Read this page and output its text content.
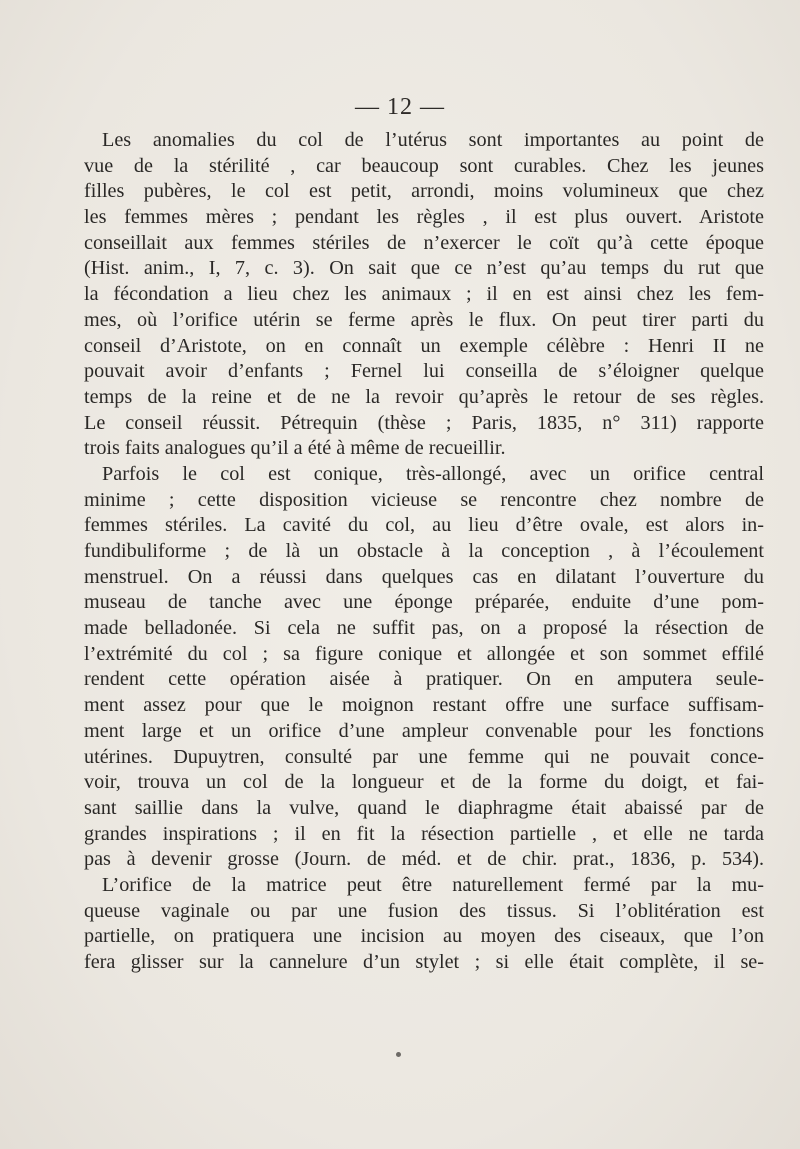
— 12 —
Les anomalies du col de l’utérus sont importantes au point de
vue de la stérilité , car beaucoup sont curables. Chez les jeunes
filles pubères, le col est petit, arrondi, moins volumineux que chez
les femmes mères ; pendant les règles , il est plus ouvert. Aristote
conseillait aux femmes stériles de n’exercer le coït qu’à cette époque
(Hist. anim., I, 7, c. 3). On sait que ce n’est qu’au temps du rut que
la fécondation a lieu chez les animaux ; il en est ainsi chez les fem-
mes, où l’orifice utérin se ferme après le flux. On peut tirer parti du
conseil d’Aristote, on en connaît un exemple célèbre : Henri II ne
pouvait avoir d’enfants ; Fernel lui conseilla de s’éloigner quelque
temps de la reine et de ne la revoir qu’après le retour de ses règles.
Le conseil réussit. Pétrequin (thèse ; Paris, 1835, n° 311) rapporte
trois faits analogues qu’il a été à même de recueillir.
Parfois le col est conique, très-allongé, avec un orifice central
minime ; cette disposition vicieuse se rencontre chez nombre de
femmes stériles. La cavité du col, au lieu d’être ovale, est alors in-
fundibuliforme ; de là un obstacle à la conception , à l’écoulement
menstruel. On a réussi dans quelques cas en dilatant l’ouverture du
museau de tanche avec une éponge préparée, enduite d’une pom-
made belladonée. Si cela ne suffit pas, on a proposé la résection de
l’extrémité du col ; sa figure conique et allongée et son sommet effilé
rendent cette opération aisée à pratiquer. On en amputera seule-
ment assez pour que le moignon restant offre une surface suffisam-
ment large et un orifice d’une ampleur convenable pour les fonctions
utérines. Dupuytren, consulté par une femme qui ne pouvait conce-
voir, trouva un col de la longueur et de la forme du doigt, et fai-
sant saillie dans la vulve, quand le diaphragme était abaissé par de
grandes inspirations ; il en fit la résection partielle , et elle ne tarda
pas à devenir grosse (Journ. de méd. et de chir. prat., 1836, p. 534).
L’orifice de la matrice peut être naturellement fermé par la mu-
queuse vaginale ou par une fusion des tissus. Si l’oblitération est
partielle, on pratiquera une incision au moyen des ciseaux, que l’on
fera glisser sur la cannelure d’un stylet ; si elle était complète, il se-
